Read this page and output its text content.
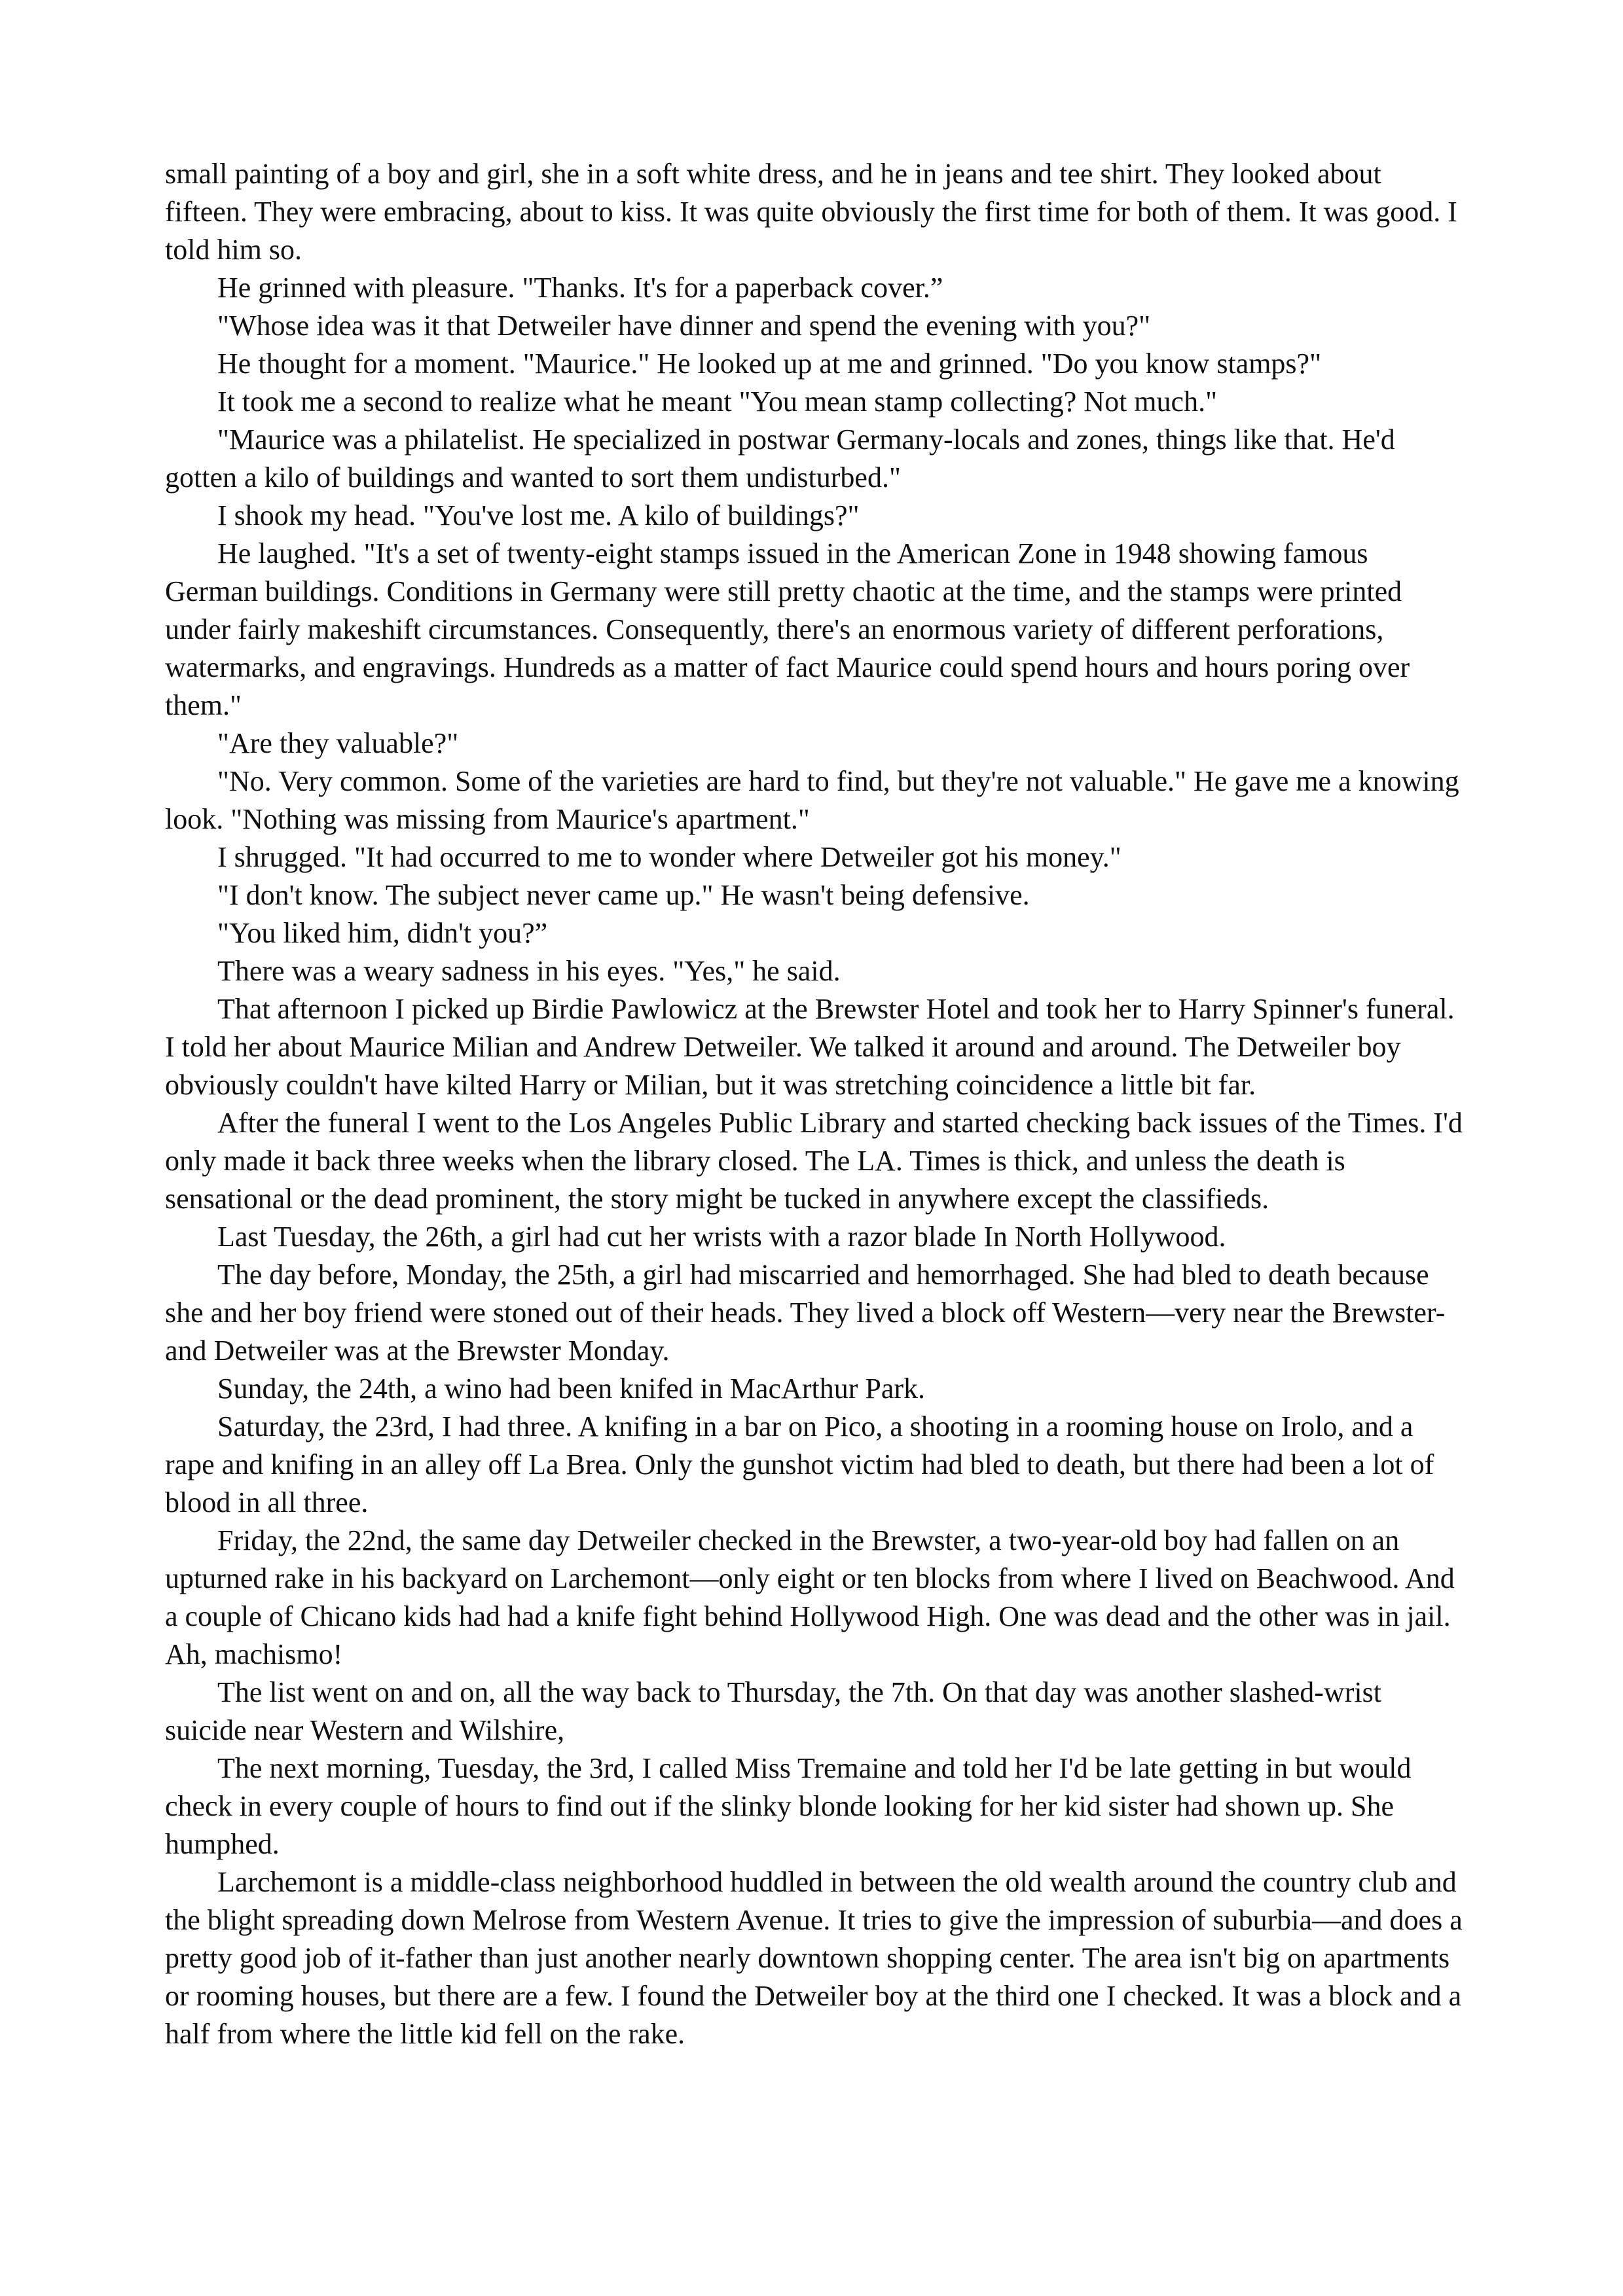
small painting of a boy and girl, she in a soft white dress, and he in jeans and tee shirt. They looked about fifteen. They were embracing, about to kiss. It was quite obviously the first time for both of them. It was good. I told him so.

He grinned with pleasure. "Thanks. It's for a paperback cover.”

"Whose idea was it that Detweiler have dinner and spend the evening with you?"

He thought for a moment. "Maurice." He looked up at me and grinned. "Do you know stamps?"

It took me a second to realize what he meant "You mean stamp collecting? Not much."

"Maurice was a philatelist. He specialized in postwar Germany-locals and zones, things like that. He'd gotten a kilo of buildings and wanted to sort them undisturbed."

I shook my head. "You've lost me. A kilo of buildings?"

He laughed. "It's a set of twenty-eight stamps issued in the American Zone in 1948 showing famous German buildings. Conditions in Germany were still pretty chaotic at the time, and the stamps were printed under fairly makeshift circumstances. Consequently, there's an enormous variety of different perforations, watermarks, and engravings. Hundreds as a matter of fact Maurice could spend hours and hours poring over them."

"Are they valuable?"

"No. Very common. Some of the varieties are hard to find, but they're not valuable." He gave me a knowing look. "Nothing was missing from Maurice's apartment."

I shrugged. "It had occurred to me to wonder where Detweiler got his money."

"I don't know. The subject never came up." He wasn't being defensive.

"You liked him, didn't you?”

There was a weary sadness in his eyes. "Yes," he said.

That afternoon I picked up Birdie Pawlowicz at the Brewster Hotel and took her to Harry Spinner's funeral. I told her about Maurice Milian and Andrew Detweiler. We talked it around and around. The Detweiler boy obviously couldn't have kilted Harry or Milian, but it was stretching coincidence a little bit far.

After the funeral I went to the Los Angeles Public Library and started checking back issues of the Times. I'd only made it back three weeks when the library closed. The LA. Times is thick, and unless the death is sensational or the dead prominent, the story might be tucked in anywhere except the classifieds.

Last Tuesday, the 26th, a girl had cut her wrists with a razor blade In North Hollywood.

The day before, Monday, the 25th, a girl had miscarried and hemorrhaged. She had bled to death because she and her boy friend were stoned out of their heads. They lived a block off Western—very near the Brewster-and Detweiler was at the Brewster Monday.

Sunday, the 24th, a wino had been knifed in MacArthur Park.

Saturday, the 23rd, I had three. A knifing in a bar on Pico, a shooting in a rooming house on Irolo, and a rape and knifing in an alley off La Brea. Only the gunshot victim had bled to death, but there had been a lot of blood in all three.

Friday, the 22nd, the same day Detweiler checked in the Brewster, a two-year-old boy had fallen on an upturned rake in his backyard on Larchemont—only eight or ten blocks from where I lived on Beachwood. And a couple of Chicano kids had had a knife fight behind Hollywood High. One was dead and the other was in jail. Ah, machismo!

The list went on and on, all the way back to Thursday, the 7th. On that day was another slashed-wrist suicide near Western and Wilshire,

The next morning, Tuesday, the 3rd, I called Miss Tremaine and told her I'd be late getting in but would check in every couple of hours to find out if the slinky blonde looking for her kid sister had shown up. She humphed.

Larchemont is a middle-class neighborhood huddled in between the old wealth around the country club and the blight spreading down Melrose from Western Avenue. It tries to give the impression of suburbia—and does a pretty good job of it-father than just another nearly downtown shopping center. The area isn't big on apartments or rooming houses, but there are a few. I found the Detweiler boy at the third one I checked. It was a block and a half from where the little kid fell on the rake.
